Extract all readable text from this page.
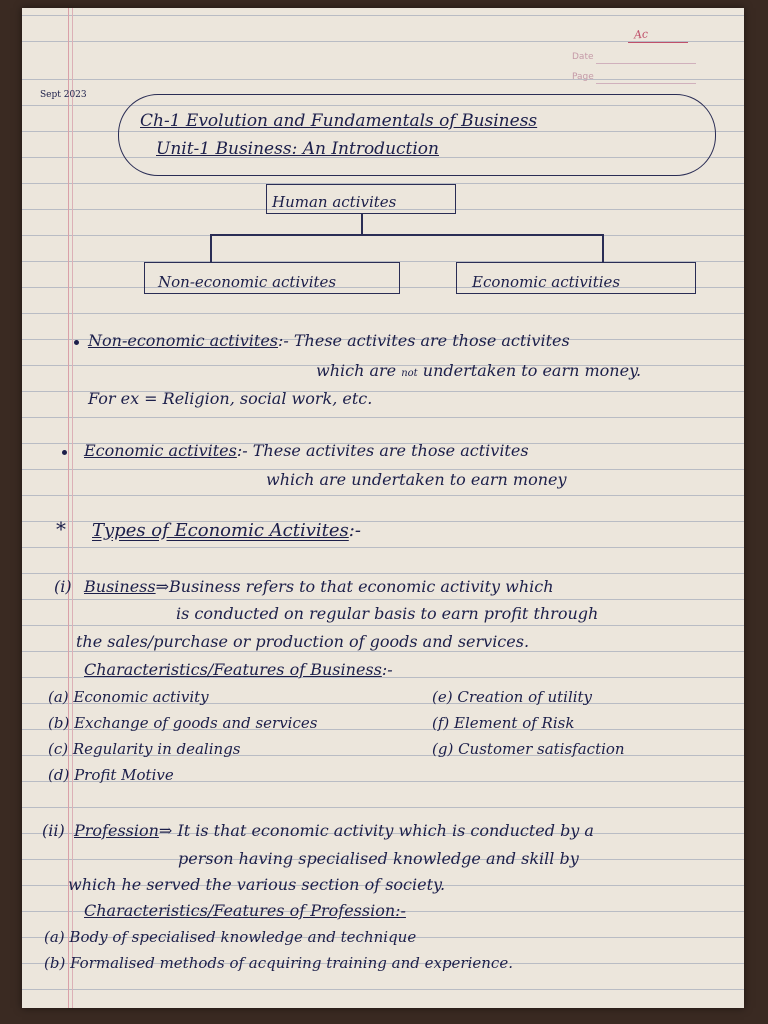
Ac
Date
Page
Sept 2023
Ch-1 Evolution and Fundamentals of Business
Unit-1 Business: An Introduction
Human activites
Non-economic activites	Economic activities
Non-economic activites:- These activites are those activites
which are not undertaken to earn money.
For ex = Religion, social work, etc.
Economic activites:- These activites are those activites
which are undertaken to earn money
* Types of Economic Activites:-
(i) Business⇒Business refers to that economic activity which
is conducted on regular basis to earn profit through
the sales/purchase or production of goods and services.
Characteristics/Features of Business:-
(a) Economic activity
(b) Exchange of goods and services
(c) Regularity in dealings
(d) Profit Motive
(e) Creation of utility
(f) Element of Risk
(g) Customer satisfaction
(ii) Profession⇒ It is that economic activity which is conducted by a
person having specialised knowledge and skill by
which he served the various section of society.
Characteristics/Features of Profession:-
(a) Body of specialised knowledge and technique
(b) Formalised methods of acquiring training and experience.
